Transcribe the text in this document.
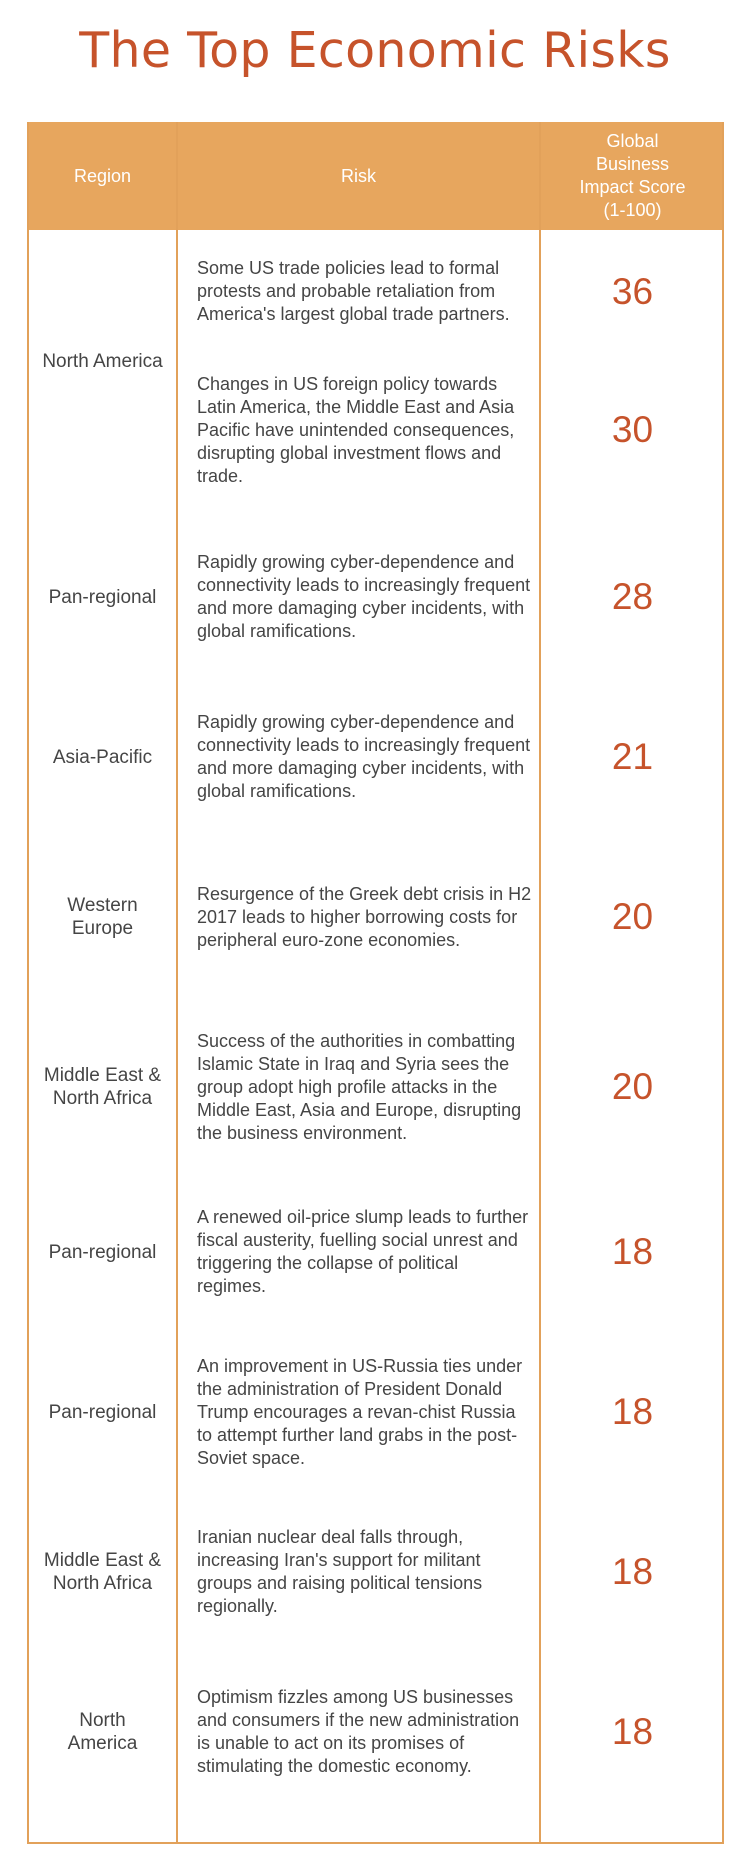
The Top Economic Risks
Region	Risk
Global Business Impact Score (1-100)
North America
Some US trade policies lead to formal protests and probable retaliation from America's largest global trade partners.
36
Changes in US foreign policy towards Latin America, the Middle East and Asia Pacific have unintended consequences, disrupting global investment flows and trade.
30
Pan-regional
Rapidly growing cyber-dependence and connectivity leads to increasingly frequent and more damaging cyber incidents, with global ramifications.
28
Asia-Pacific
Rapidly growing cyber-dependence and connectivity leads to increasingly frequent and more damaging cyber incidents, with global ramifications.
21
Western Europe
Resurgence of the Greek debt crisis in H2 2017 leads to higher borrowing costs for peripheral euro-zone economies.
20
Middle East & North Africa
Success of the authorities in combatting Islamic State in Iraq and Syria sees the group adopt high profile attacks in the Middle East, Asia and Europe, disrupting the business environment.
20
Pan-regional
A renewed oil-price slump leads to further fiscal austerity, fuelling social unrest and triggering the collapse of political regimes.
18
Pan-regional
An improvement in US-Russia ties under the administration of President Donald Trump encourages a revan-chist Russia to attempt further land grabs in the post-Soviet space.
18
Middle East & North Africa
Iranian nuclear deal falls through, increasing Iran's support for militant groups and raising political tensions regionally.
18
North America
Optimism fizzles among US businesses and consumers if the new administration is unable to act on its promises of stimulating the domestic economy.
18
